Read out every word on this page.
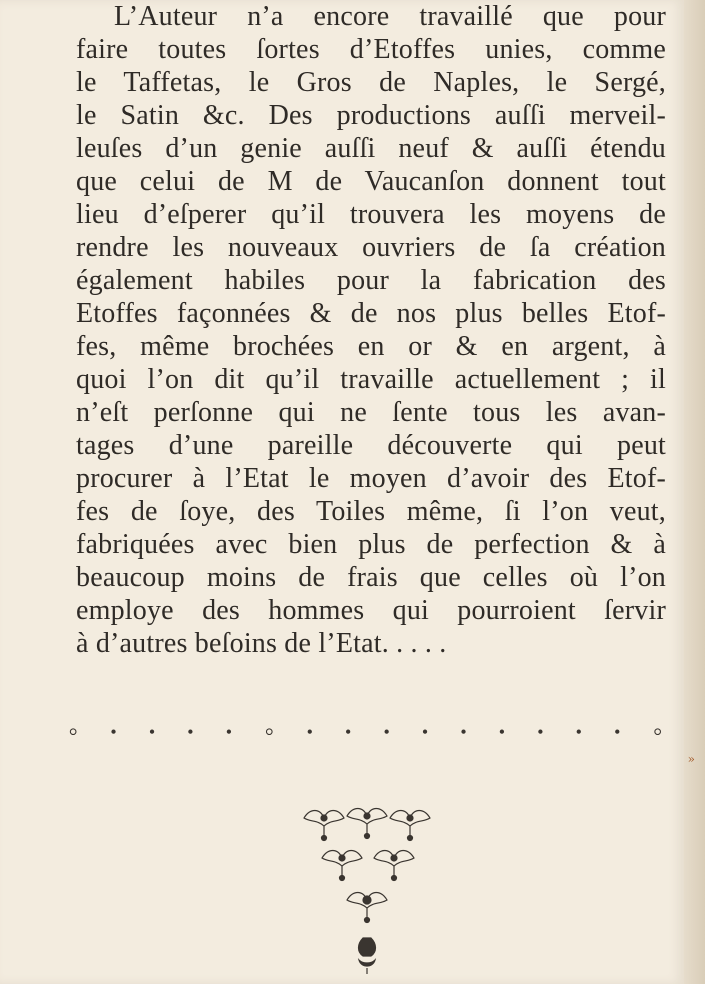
L’Auteur n’a encore travaillé que pour
faire toutes ſortes d’Etoffes unies, comme
le Taffetas, le Gros de Naples, le Sergé,
le Satin &c. Des productions auſſi merveil-
leuſes d’un genie auſſi neuf & auſſi étendu
que celui de M de Vaucanſon donnent tout
lieu d’eſperer qu’il trouvera les moyens de
rendre les nouveaux ouvriers de ſa création
également habiles pour la fabrication des
Etoffes façonnées & de nos plus belles Etof-
fes, même brochées en or & en argent, à
quoi l’on dit qu’il travaille actuellement ; il
n’eſt perſonne qui ne ſente tous les avan-
tages d’une pareille découverte qui peut
procurer à l’Etat le moyen d’avoir des Etof-
fes de ſoye, des Toiles même, ſi l’on veut,
fabriquées avec bien plus de perfection & à
beaucoup moins de frais que celles où l’on
employe des hommes qui pourroient ſervir
à d’autres beſoins de l’Etat. . . . .
⸰ • • • • ⸰ • • • • • • • • • ⸰
»
